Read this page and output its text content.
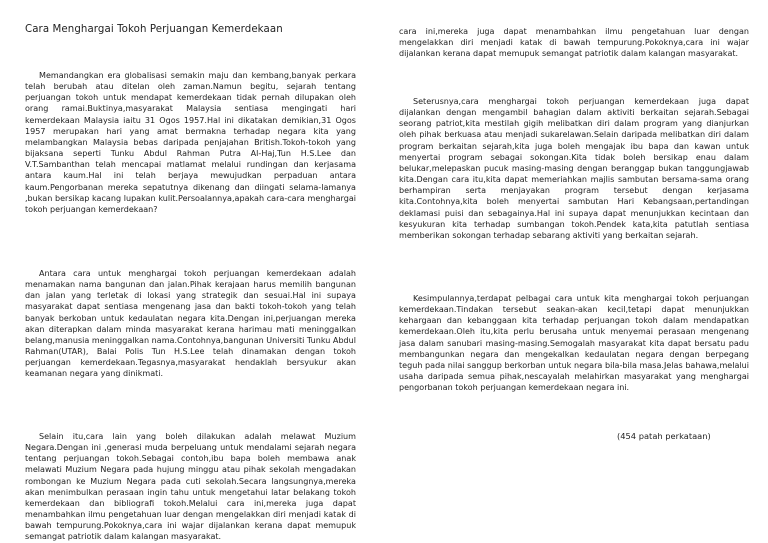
Cara Menghargai Tokoh Perjuangan Kemerdekaan

Memandangkan era globalisasi semakin maju dan kembang,banyak perkara telah berubah atau ditelan oleh zaman.Namun begitu, sejarah tentang perjuangan tokoh untuk mendapat kemerdekaan tidak pernah dilupakan oleh orang ramai.Buktinya,masyarakat Malaysia sentiasa mengingati hari kemerdekaan Malaysia iaitu 31 Ogos 1957.Hal ini dikatakan demikian,31 Ogos 1957 merupakan hari yang amat bermakna terhadap negara kita yang melambangkan Malaysia bebas daripada penjajahan British.Tokoh-tokoh yang bijaksana seperti Tunku Abdul Rahman Putra Al-Haj,Tun H.S.Lee dan V.T.Sambanthan telah mencapai matlamat melalui rundingan dan kerjasama antara kaum.Hal ini telah berjaya mewujudkan perpaduan antara kaum.Pengorbanan mereka sepatutnya dikenang dan diingati selama-lamanya ,bukan bersikap kacang lupakan kulit.Persoalannya,apakah cara-cara menghargai tokoh perjuangan kemerdekaan?

Antara cara untuk menghargai tokoh perjuangan kemerdekaan adalah menamakan nama bangunan dan jalan.Pihak kerajaan harus memilih bangunan dan jalan yang terletak di lokasi yang strategik dan sesuai.Hal ini supaya masyarakat dapat sentiasa mengenang jasa dan bakti tokoh-tokoh yang telah banyak berkoban untuk kedaulatan negara kita.Dengan ini,perjuangan mereka akan diterapkan dalam minda masyarakat kerana harimau mati meninggalkan belang,manusia meninggalkan nama.Contohnya,bangunan Universiti Tunku Abdul Rahman(UTAR), Balai Polis Tun H.S.Lee telah dinamakan dengan tokoh perjuangan kemerdekaan.Tegasnya,masyarakat hendaklah bersyukur akan keamanan negara yang dinikmati.

Selain itu,cara lain yang boleh dilakukan adalah melawat Muzium Negara.Dengan ini ,generasi muda berpeluang untuk mendalami sejarah negara tentang perjuangan tokoh.Sebagai contoh,ibu bapa boleh membawa anak melawati Muzium Negara pada hujung minggu atau pihak sekolah mengadakan rombongan ke Muzium Negara pada cuti sekolah.Secara langsungnya,mereka akan menimbulkan perasaan ingin tahu untuk mengetahui latar belakang tokoh kemerdekaan dan bibliografi tokoh.Melalui cara ini,mereka juga dapat menambahkan ilmu pengetahuan luar dengan mengelakkan diri menjadi katak di bawah tempurung.Pokoknya,cara ini wajar dijalankan kerana dapat memupuk semangat patriotik dalam kalangan masyarakat.

cara ini,mereka juga dapat menambahkan ilmu pengetahuan luar dengan mengelakkan diri menjadi katak di bawah tempurung.Pokoknya,cara ini wajar dijalankan kerana dapat memupuk semangat patriotik dalam kalangan masyarakat.

Seterusnya,cara menghargai tokoh perjuangan kemerdekaan juga dapat dijalankan dengan mengambil bahagian dalam aktiviti berkaitan sejarah.Sebagai seorang patriot,kita mestilah gigih melibatkan diri dalam program yang dianjurkan oleh pihak berkuasa atau menjadi sukarelawan.Selain daripada melibatkan diri dalam program berkaitan sejarah,kita juga boleh mengajak ibu bapa dan kawan untuk menyertai program sebagai sokongan.Kita tidak boleh bersikap enau dalam belukar,melepaskan pucuk masing-masing dengan beranggap bukan tanggungjawab kita.Dengan cara itu,kita dapat memeriahkan majlis sambutan bersama-sama orang berhampiran serta menjayakan program tersebut dengan kerjasama kita.Contohnya,kita boleh menyertai sambutan Hari Kebangsaan,pertandingan deklamasi puisi dan sebagainya.Hal ini supaya dapat menunjukkan kecintaan dan kesyukuran kita terhadap sumbangan tokoh.Pendek kata,kita patutlah sentiasa memberikan sokongan terhadap sebarang aktiviti yang berkaitan sejarah.

Kesimpulannya,terdapat pelbagai cara untuk kita menghargai tokoh perjuangan kemerdekaan.Tindakan tersebut seakan-akan kecil,tetapi dapat menunjukkan kehargaan dan kebanggaan kita terhadap perjuangan tokoh dalam mendapatkan kemerdekaan.Oleh itu,kita perlu berusaha untuk menyemai perasaan mengenang jasa dalam sanubari masing-masing.Semogalah masyarakat kita dapat bersatu padu membangunkan negara dan mengekalkan kedaulatan negara dengan berpegang teguh pada nilai sanggup berkorban untuk negara bila-bila masa.Jelas bahawa,melalui usaha daripada semua pihak,nescayalah melahirkan masyarakat yang menghargai pengorbanan tokoh perjuangan kemerdekaan negara ini.

(454 patah perkataan)
